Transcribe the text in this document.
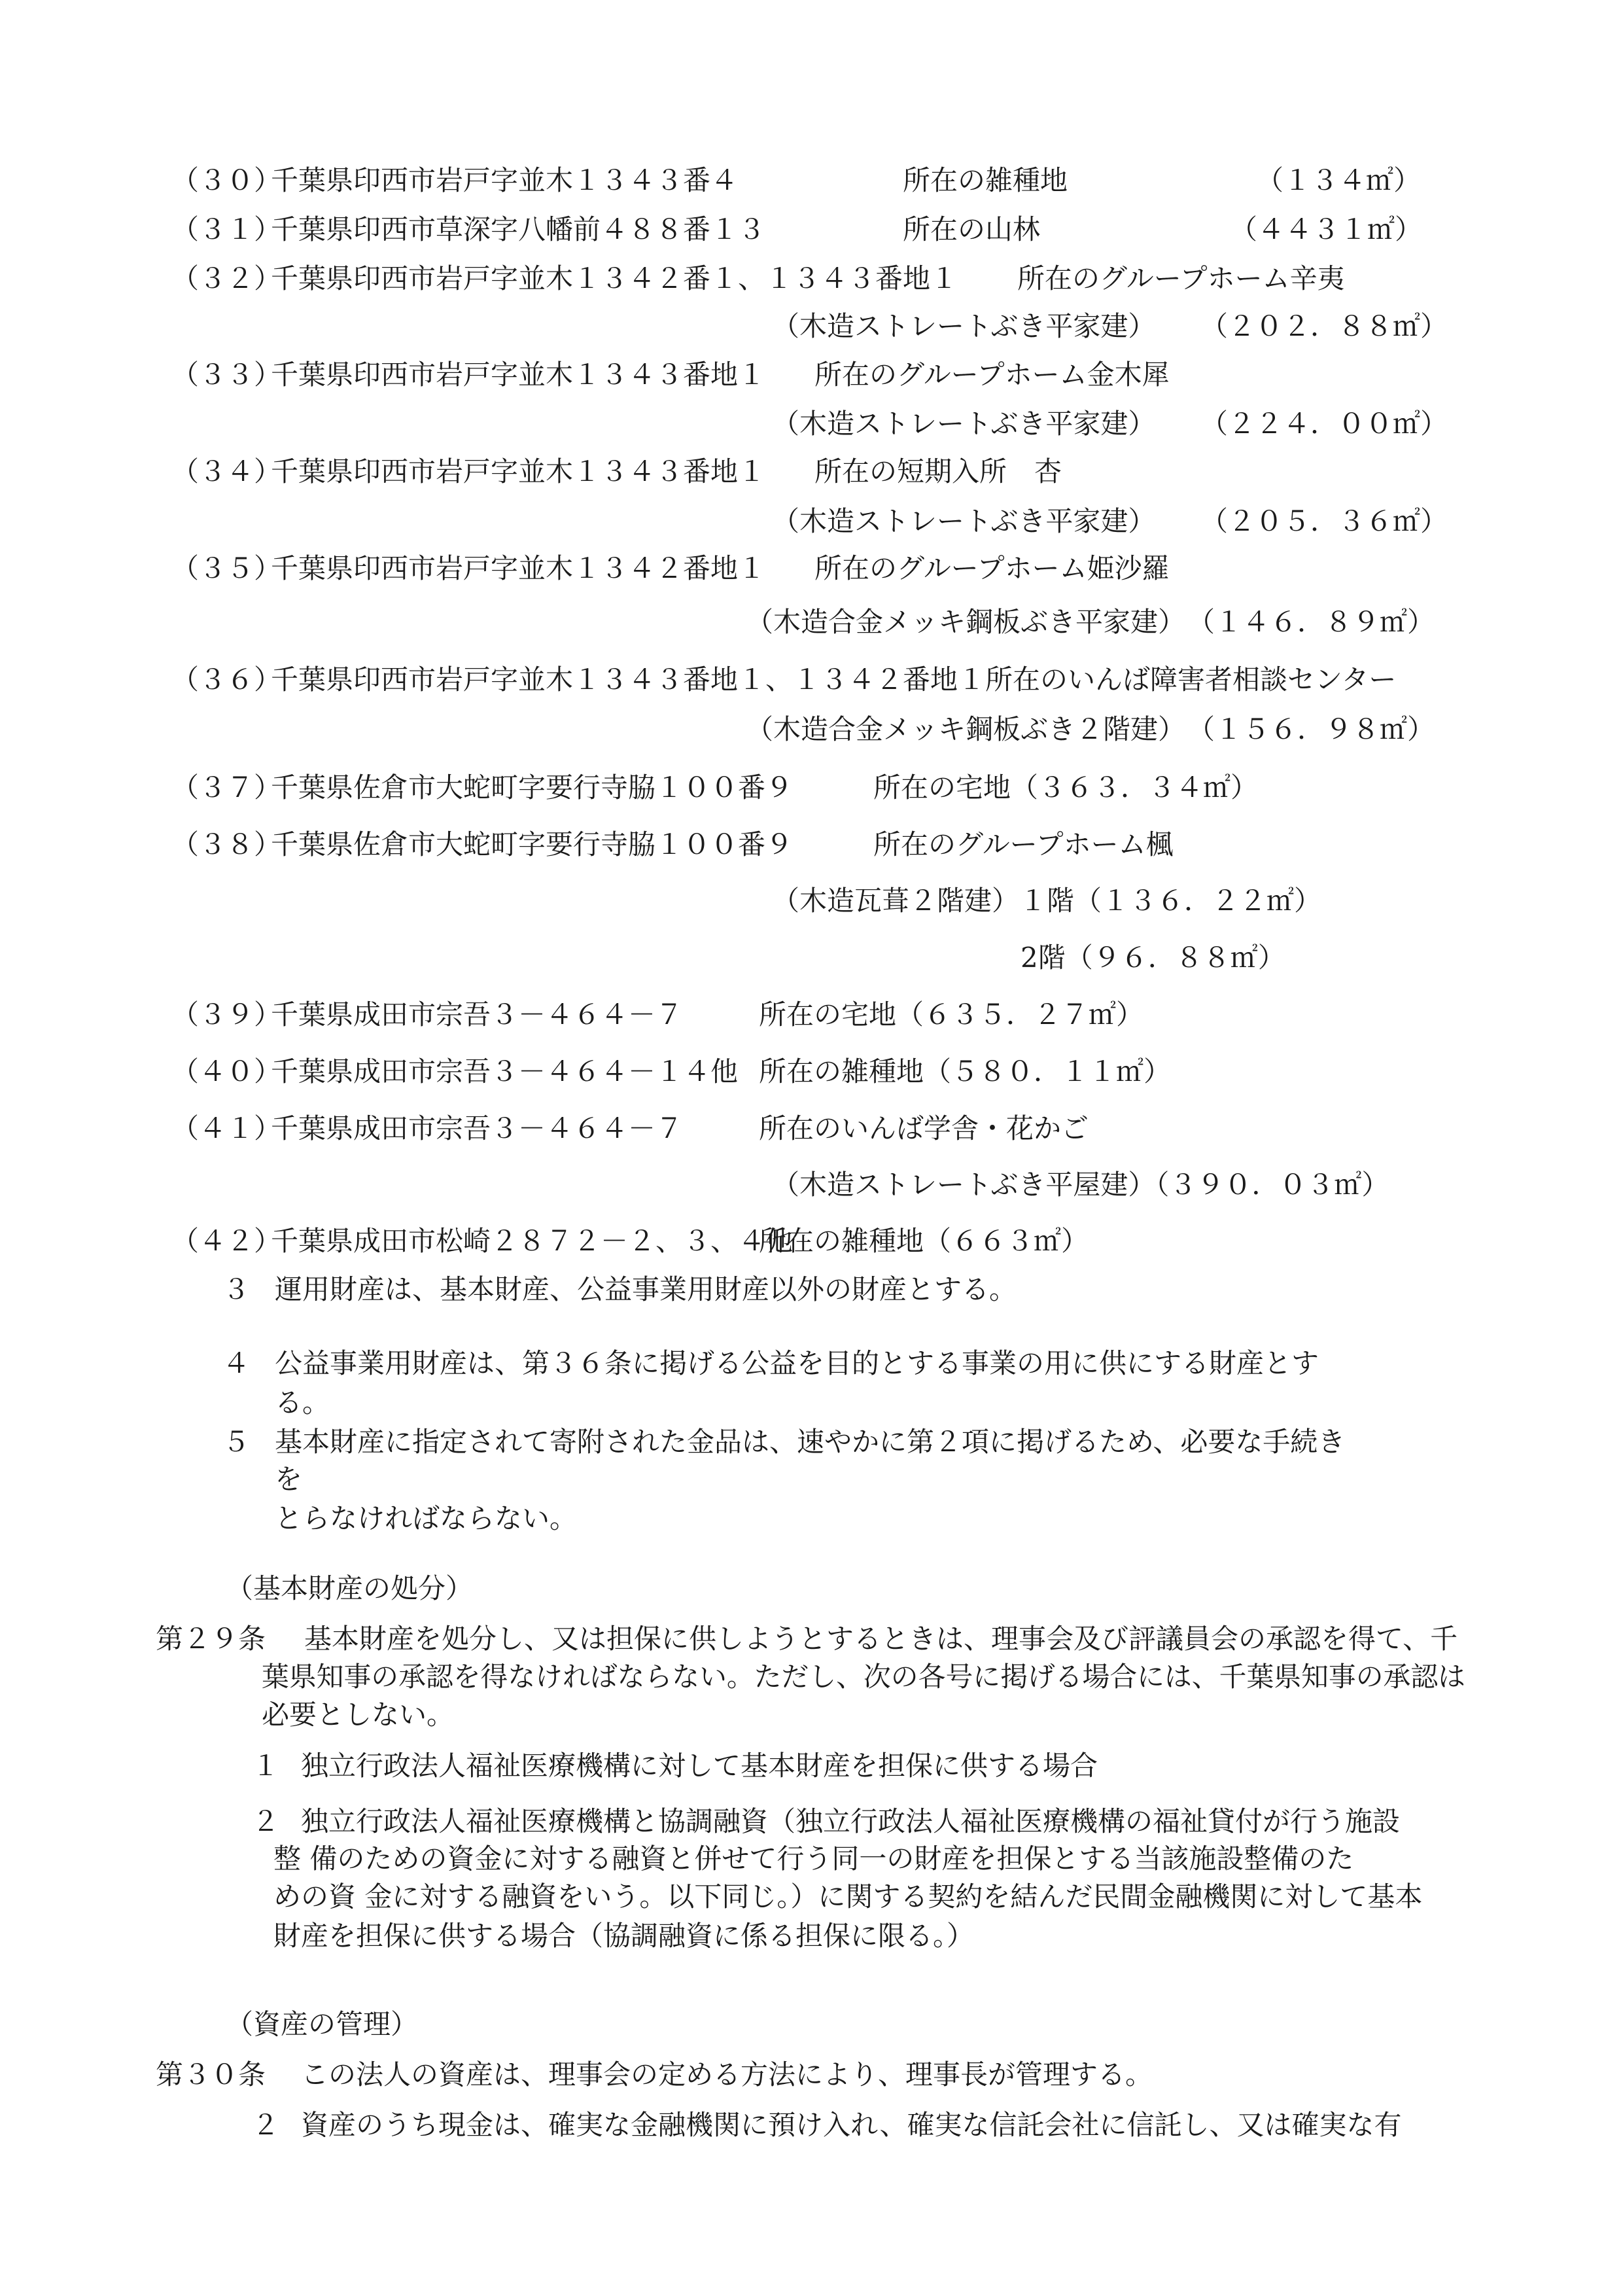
（３０）
千葉県印西市岩戸字並木１３４３番４	所在の雑種地	（１３４㎡）
（３１）
千葉県印西市草深字八幡前４８８番１３	所在の山林	（４４３１㎡）
（３２）
千葉県印西市岩戸字並木１３４２番１、１３４３番地１ 所在のグループホーム辛夷
（木造ストレートぶき平家建） （２０２．８８㎡）
（３３）
千葉県印西市岩戸字並木１３４３番地１ 所在のグループホーム金木犀
（木造ストレートぶき平家建） （２２４．００㎡）
（３４）
千葉県印西市岩戸字並木１３４３番地１ 所在の短期入所　杏
（木造ストレートぶき平家建） （２０５．３６㎡）
（３５）
千葉県印西市岩戸字並木１３４２番地１ 所在のグループホーム姫沙羅
（木造合金メッキ鋼板ぶき平家建） （１４６．８９㎡）
（３６）
千葉県印西市岩戸字並木１３４３番地１、１３４２番地１所在のいんば障害者相談センター
（木造合金メッキ鋼板ぶき２階建） （１５６．９８㎡）
（３７）
千葉県佐倉市大蛇町字要行寺脇１００番９	所在の宅地（３６３．３４㎡）
（３８）
千葉県佐倉市大蛇町字要行寺脇１００番９	所在のグループホーム楓
（木造瓦葺２階建）１階（１３６．２２㎡）
2階（９６．８８㎡）
（３９）
千葉県成田市宗吾３－４６４－７	所在の宅地（６３５．２７㎡）
（４０）
千葉県成田市宗吾３－４６４－１４他 所在の雑種地（５８０．１１㎡）
（４１）
千葉県成田市宗吾３－４６４－７	所在のいんば学舎・花かご
（木造ストレートぶき平屋建）（３９０．０３㎡）
（４２）
千葉県成田市松崎２８７２－２、３、４他
所在の雑種地（６６３㎡）
３ 運用財産は、基本財産、公益事業用財産以外の財産とする。
４ 公益事業用財産は、第３６条に掲げる公益を目的とする事業の用に供にする財産とす
る。
５ 基本財産に指定されて寄附された金品は、速やかに第２項に掲げるため、必要な手続き
を
とらなければならない。
（基本財産の処分）
第２９条 基本財産を処分し、又は担保に供しようとするときは、理事会及び評議員会の承認を得て、千
葉県知事の承認を得なければならない。ただし、次の各号に掲げる場合には、千葉県知事の承認は
必要としない。
１ 独立行政法人福祉医療機構に対して基本財産を担保に供する場合
２ 独立行政法人福祉医療機構と協調融資（独立行政法人福祉医療機構の福祉貸付が行う施設
整 備のための資金に対する融資と併せて行う同一の財産を担保とする当該施設整備のた
めの資 金に対する融資をいう。以下同じ。）に関する契約を結んだ民間金融機関に対して基本
財産を担保に供する場合（協調融資に係る担保に限る。）
（資産の管理）
第３０条 この法人の資産は、理事会の定める方法により、理事長が管理する。
２ 資産のうち現金は、確実な金融機関に預け入れ、確実な信託会社に信託し、又は確実な有
